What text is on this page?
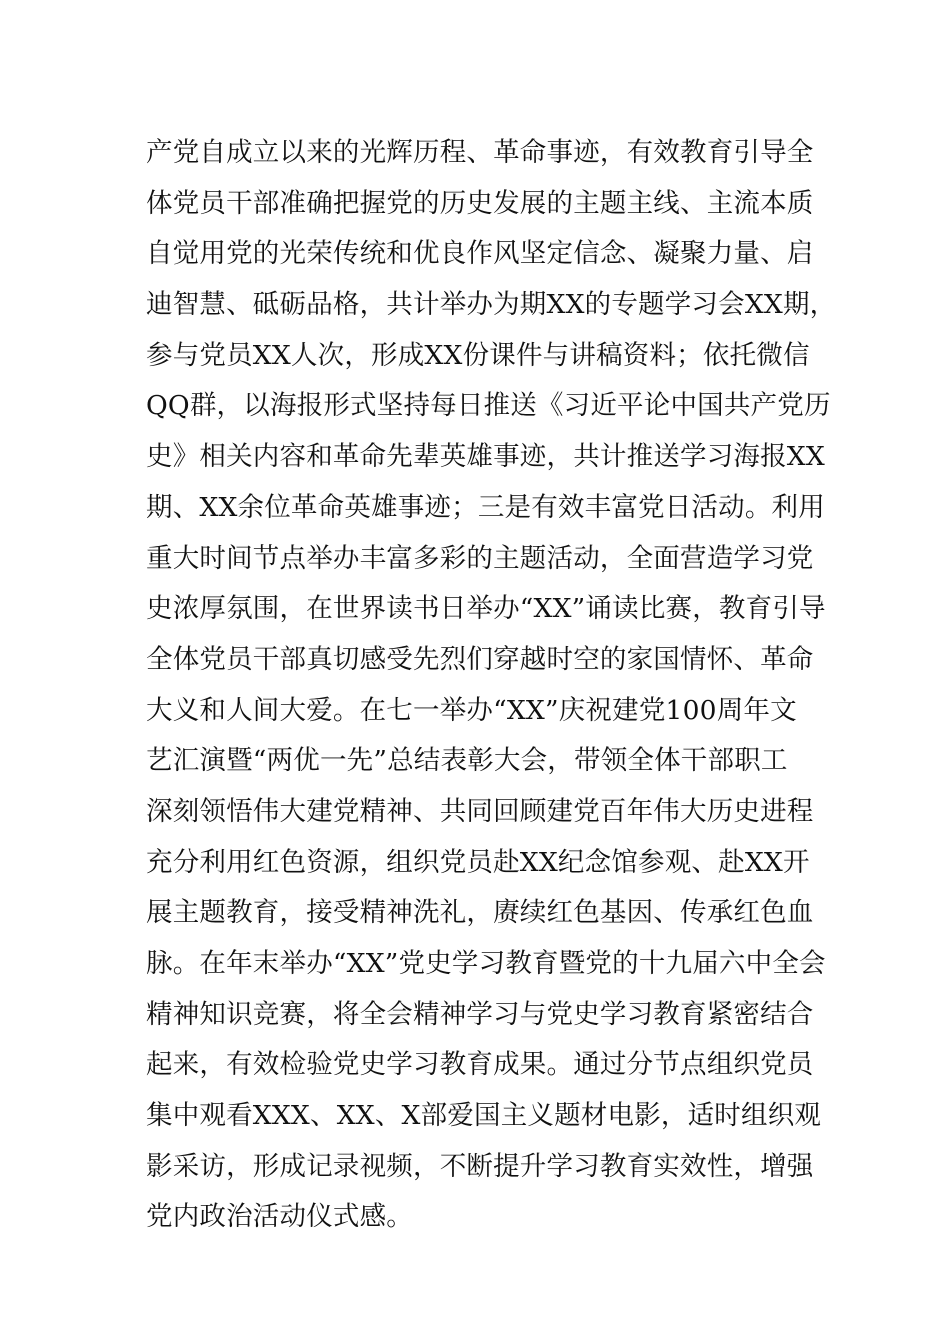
产党自成立以来的光辉历程、革命事迹，有效教育引导全
体党员干部准确把握党的历史发展的主题主线、主流本质
自觉用党的光荣传统和优良作风坚定信念、凝聚力量、启
迪智慧、砥砺品格，共计举办为期XX的专题学习会XX期，
参与党员XX人次，形成XX份课件与讲稿资料；依托微信
QQ群，以海报形式坚持每日推送《习近平论中国共产党历
史》相关内容和革命先辈英雄事迹，共计推送学习海报XX
期、XX余位革命英雄事迹；三是有效丰富党日活动。利用
重大时间节点举办丰富多彩的主题活动，全面营造学习党
史浓厚氛围，在世界读书日举办“XX”诵读比赛，教育引导
全体党员干部真切感受先烈们穿越时空的家国情怀、革命
大义和人间大爱。在七一举办“XX”庆祝建党100周年文
艺汇演暨“两优一先”总结表彰大会，带领全体干部职工
深刻领悟伟大建党精神、共同回顾建党百年伟大历史进程
充分利用红色资源，组织党员赴XX纪念馆参观、赴XX开
展主题教育，接受精神洗礼，赓续红色基因、传承红色血
脉。在年末举办“XX”党史学习教育暨党的十九届六中全会
精神知识竞赛，将全会精神学习与党史学习教育紧密结合
起来，有效检验党史学习教育成果。通过分节点组织党员
集中观看XXX、XX、X部爱国主义题材电影，适时组织观
影采访，形成记录视频，不断提升学习教育实效性，增强
党内政治活动仪式感。
